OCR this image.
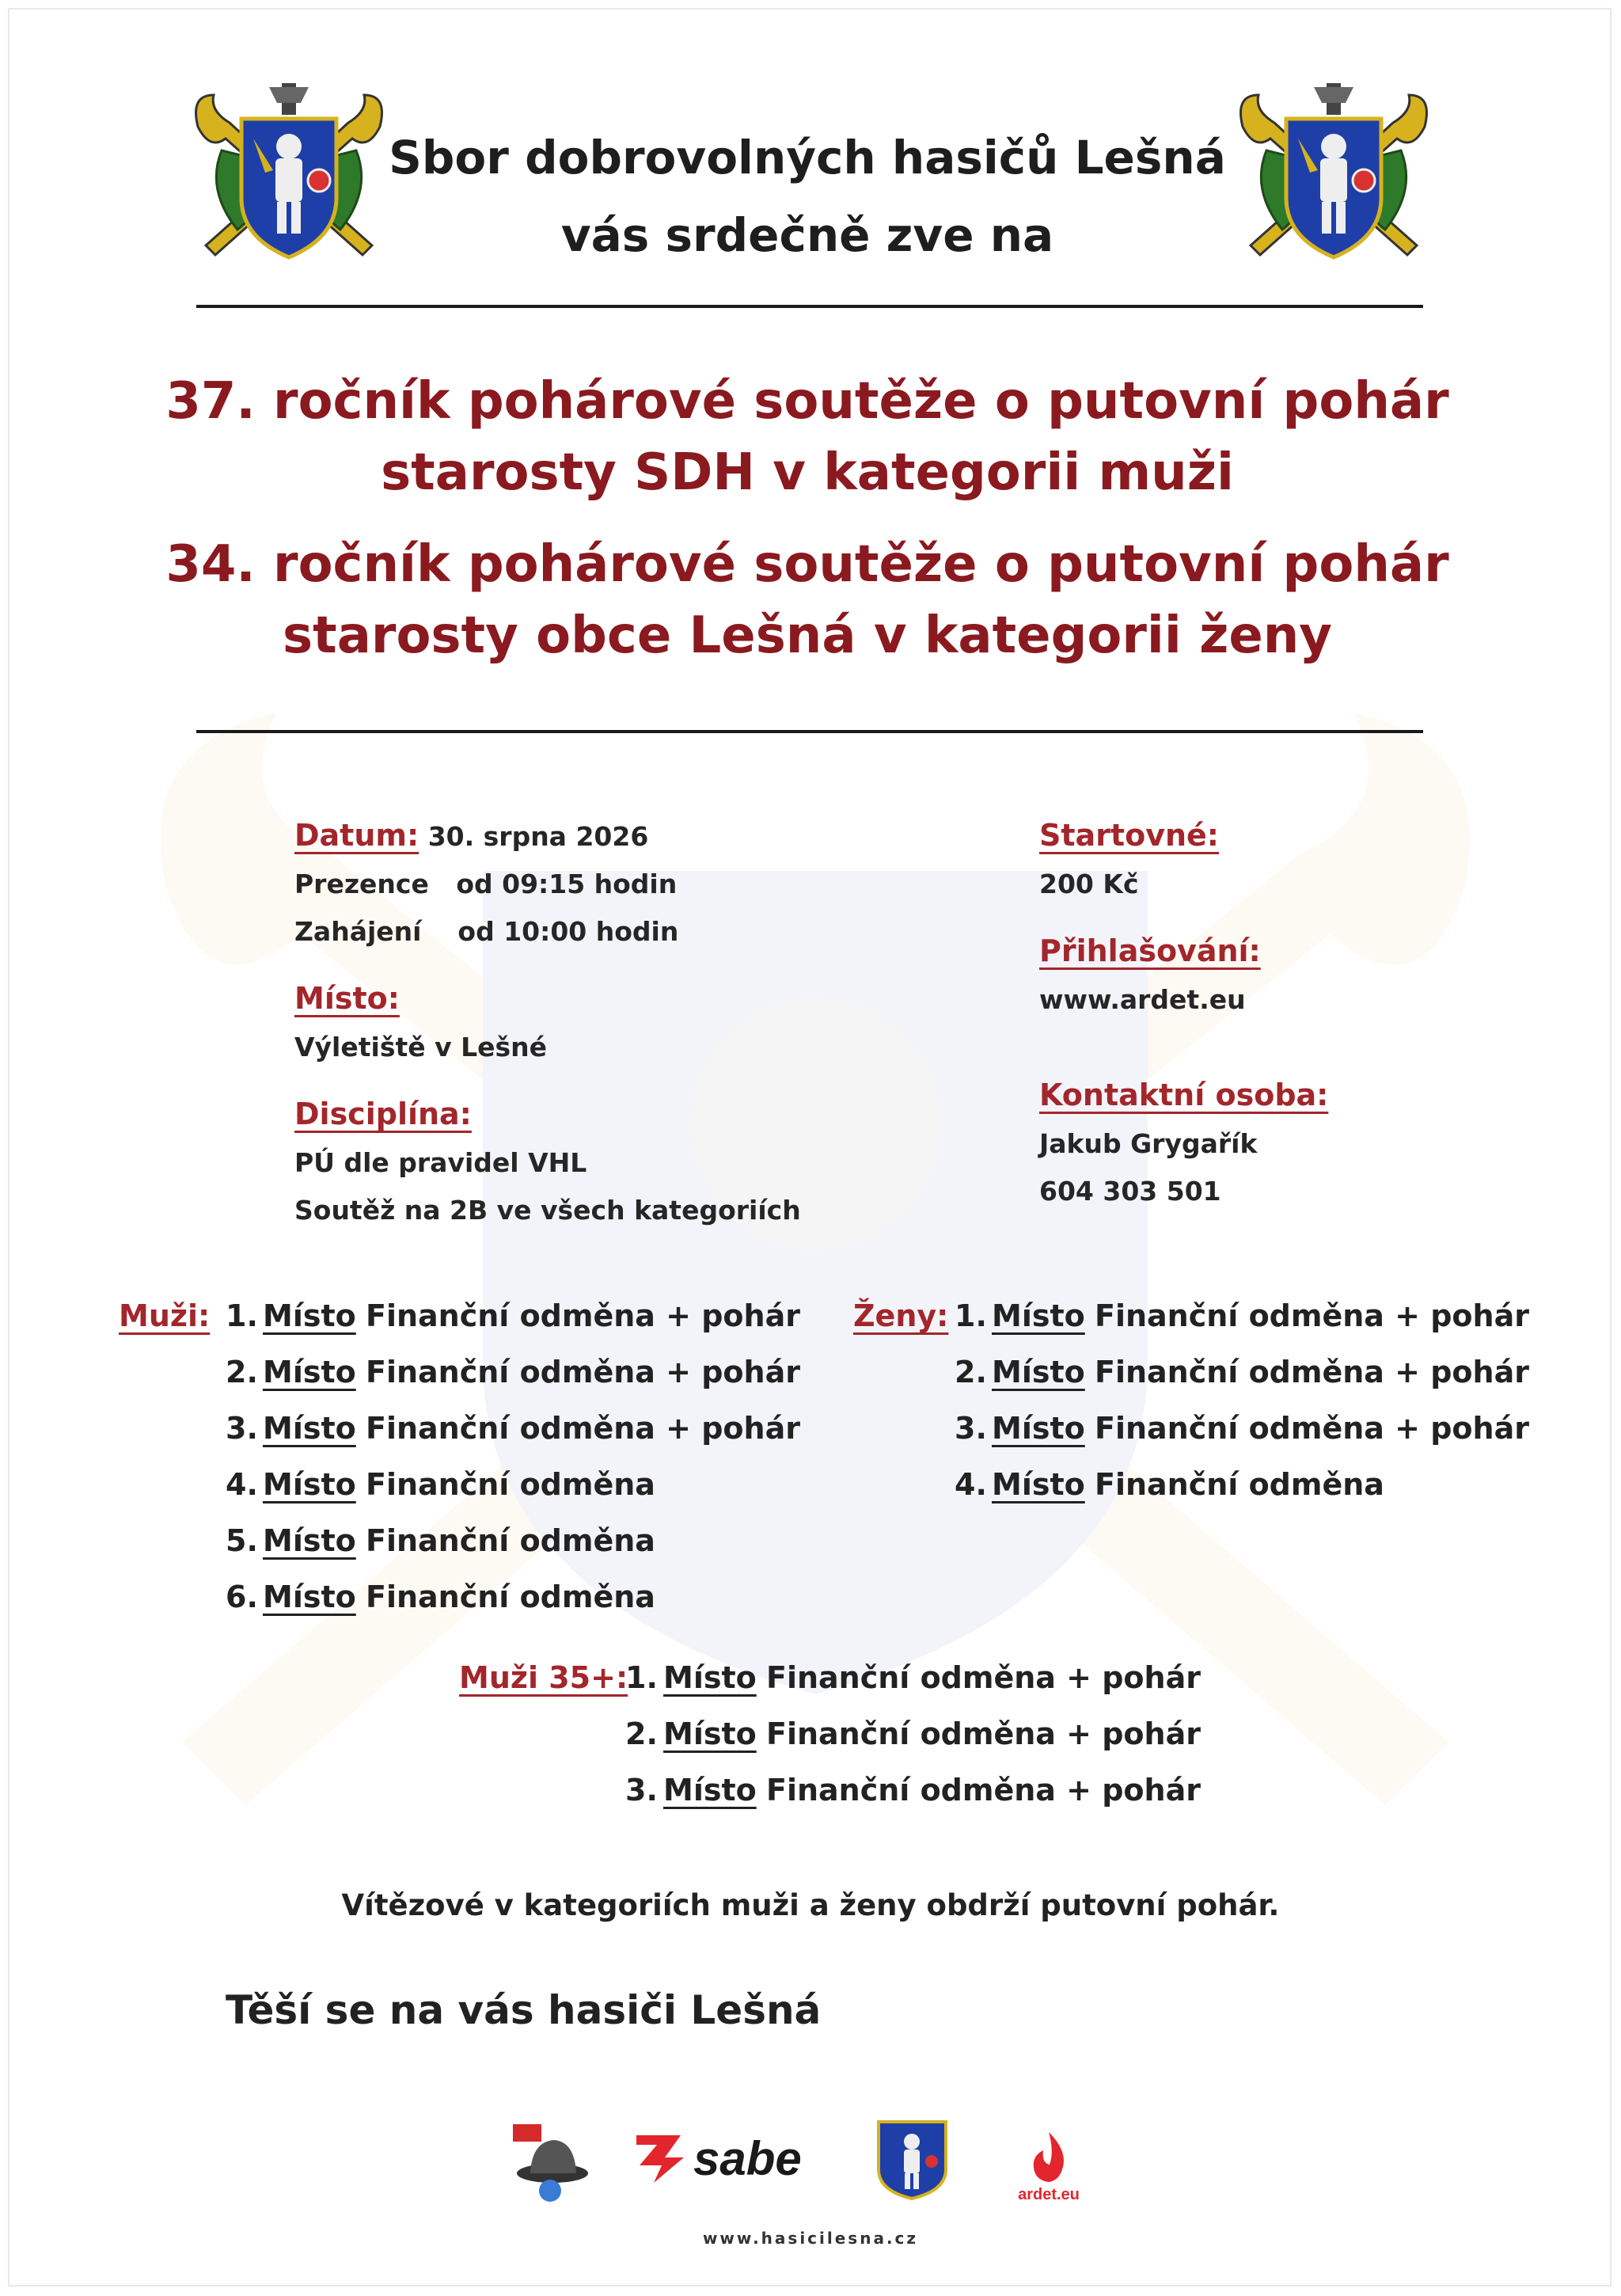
Sbor dobrovolných hasičů Lešná
vás srdečně zve na
37. ročník pohárové soutěže o putovní pohár
starosty SDH v kategorii muži
34. ročník pohárové soutěže o putovní pohár
starosty obce Lešná v kategorii ženy
Datum: 30. srpna 2026
Prezence   od 09:15 hodin
Zahájení    od 10:00 hodin
Místo:
Výletiště v Lešné
Disciplína:
PÚ dle pravidel VHL
Soutěž na 2B ve všech kategoriích
Startovné:
200 Kč
Přihlašování:
www.ardet.eu
Kontaktní osoba:
Jakub Grygařík
604 303 501
Muži: 1. Místo Finanční odměna + pohár
2. Místo Finanční odměna + pohár
3. Místo Finanční odměna + pohár
4. Místo Finanční odměna
5. Místo Finanční odměna
6. Místo Finanční odměna
Ženy: 1. Místo Finanční odměna + pohár
2. Místo Finanční odměna + pohár
3. Místo Finanční odměna + pohár
4. Místo Finanční odměna
Muži 35+:
1. Místo Finanční odměna + pohár
2. Místo Finanční odměna + pohár
3. Místo Finanční odměna + pohár
Vítězové v kategoriích muži a ženy obdrží putovní pohár.
Těší se na vás hasiči Lešná
sabe
ardet.eu
www.hasicilesna.cz
